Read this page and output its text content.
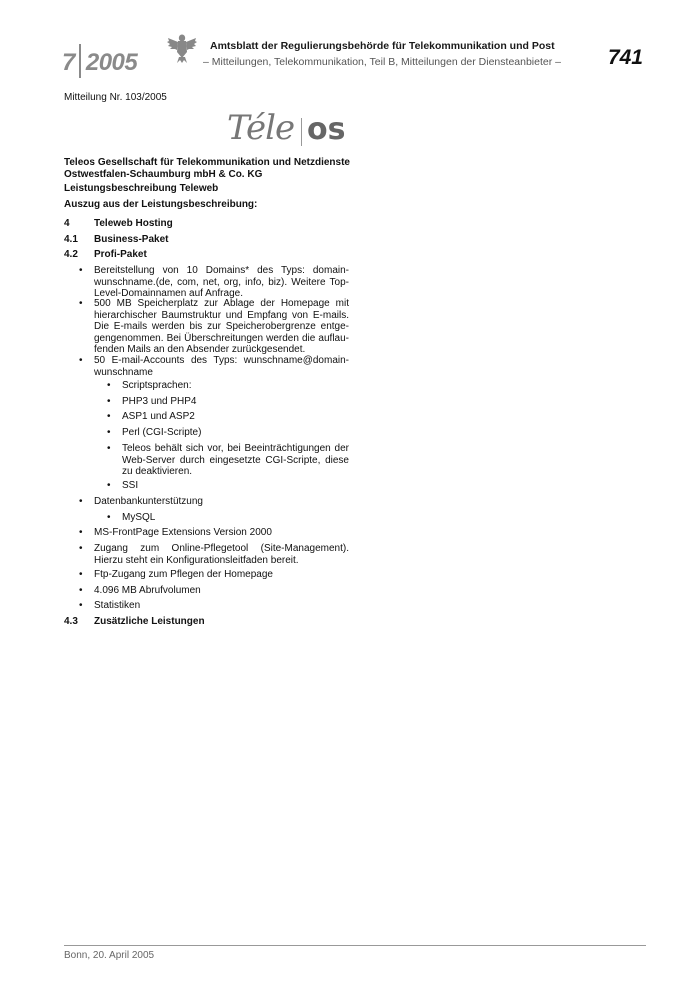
7 2005
Amtsblatt der Regulierungsbehörde für Telekommunikation und Post
– Mitteilungen, Telekommunikation, Teil B, Mitteilungen der Diensteanbieter – 741
Mitteilung Nr. 103/2005
Téle os
Teleos Gesellschaft für Telekommunikation und Netzdienste
Ostwestfalen-Schaumburg mbH & Co. KG
Leistungsbeschreibung Teleweb
Auszug aus der Leistungsbeschreibung:
4 Teleweb Hosting
4.1 Business-Paket
4.2 Profi-Paket
• Bereitstellung von 10 Domains* des Typs: domain-wunschname.(de, com, net, org, info, biz). Weitere Top-Level-Domainnamen auf Anfrage.
• 500 MB Speicherplatz zur Ablage der Homepage mit hierarchischer Baumstruktur und Empfang von E-mails. Die E-mails werden bis zur Speicherobergrenze entge-gengenommen. Bei Überschreitungen werden die auflau-fenden Mails an den Absender zurückgesendet.
• 50 E-mail-Accounts des Typs: wunschname@domain-wunschname
• Scriptsprachen:
• PHP3 und PHP4
• ASP1 und ASP2
• Perl (CGI-Scripte)
• Teleos behält sich vor, bei Beeinträchtigungen der Web-Server durch eingesetzte CGI-Scripte, diese zu deaktivieren.
• SSI
• Datenbankunterstützung
• MySQL
• MS-FrontPage Extensions Version 2000
• Zugang zum Online-Pflegetool (Site-Management). Hierzu steht ein Konfigurationsleitfaden bereit.
• Ftp-Zugang zum Pflegen der Homepage
• 4.096 MB Abrufvolumen
• Statistiken
4.3 Zusätzliche Leistungen
Bonn, 20. April 2005
